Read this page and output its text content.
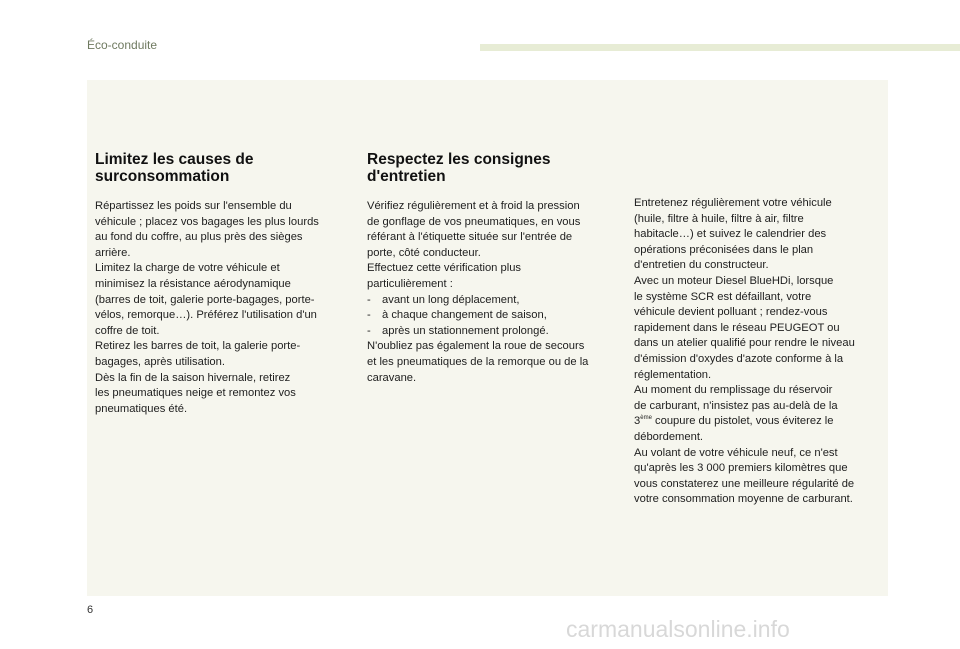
Éco-conduite
Limitez les causes de
surconsommation

Répartissez les poids sur l'ensemble du
véhicule ; placez vos bagages les plus lourds
au fond du coffre, au plus près des sièges
arrière.
Limitez la charge de votre véhicule et
minimisez la résistance aérodynamique
(barres de toit, galerie porte-bagages, porte-
vélos, remorque…). Préférez l'utilisation d'un
coffre de toit.
Retirez les barres de toit, la galerie porte-
bagages, après utilisation.

Dès la fin de la saison hivernale, retirez
les pneumatiques neige et remontez vos
pneumatiques été.

Respectez les consignes
d'entretien

Vérifiez régulièrement et à froid la pression
de gonflage de vos pneumatiques, en vous
référant à l'étiquette située sur l'entrée de
porte, côté conducteur.
Effectuez cette vérification plus
particulièrement :
-	avant un long déplacement,
-	à chaque changement de saison,
-	après un stationnement prolongé.
N'oubliez pas également la roue de secours
et les pneumatiques de la remorque ou de la
caravane.

Entretenez régulièrement votre véhicule
(huile, filtre à huile, filtre à air, filtre
habitacle…) et suivez le calendrier des
opérations préconisées dans le plan
d'entretien du constructeur.

Avec un moteur Diesel BlueHDi, lorsque
le système SCR est défaillant, votre
véhicule devient polluant ; rendez-vous
rapidement dans le réseau PEUGEOT ou
dans un atelier qualifié pour rendre le niveau
d'émission d'oxydes d'azote conforme à la
réglementation.

Au moment du remplissage du réservoir
de carburant, n'insistez pas au-delà de la
3ème coupure du pistolet, vous éviterez le
débordement.

Au volant de votre véhicule neuf, ce n'est
qu'après les 3 000 premiers kilomètres que
vous constaterez une meilleure régularité de
votre consommation moyenne de carburant.

6
carmanualsonline.info
